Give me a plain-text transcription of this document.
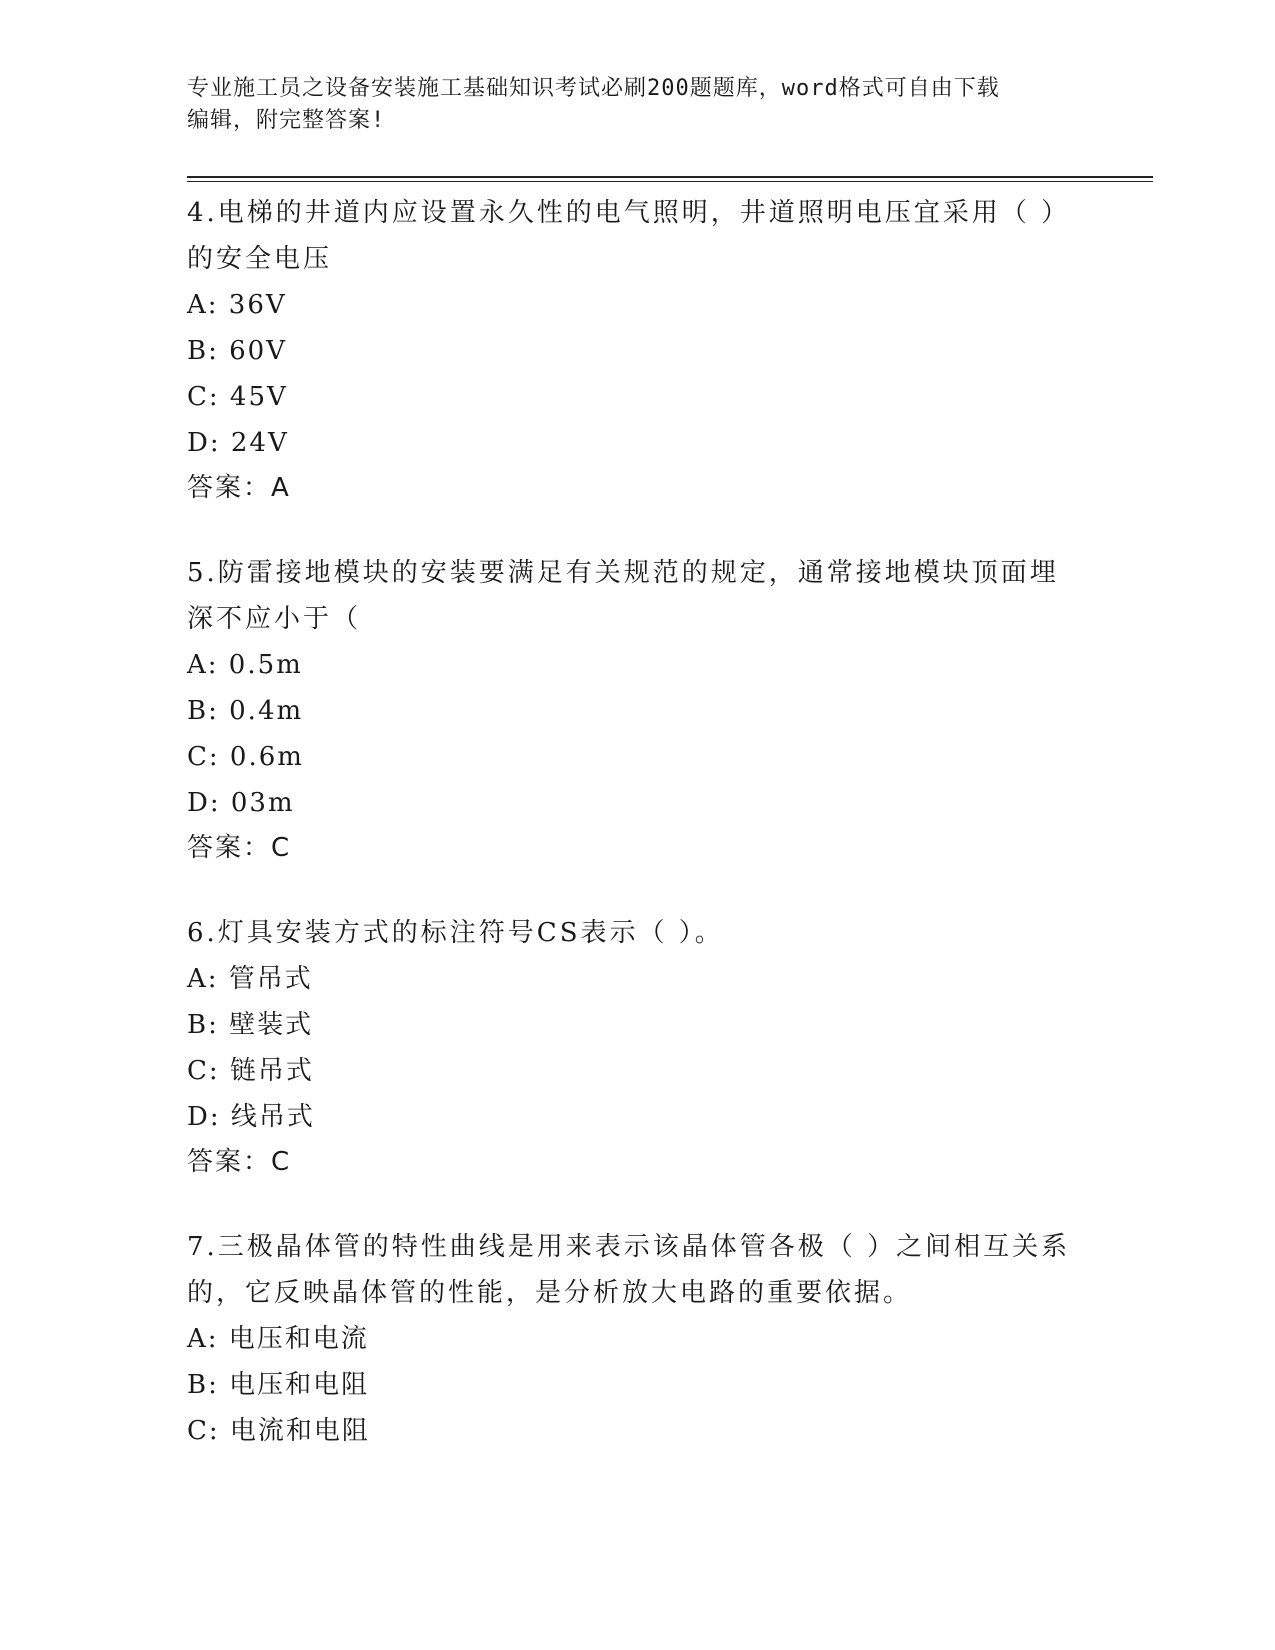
专业施工员之设备安装施工基础知识考试必刷200题题库，word格式可自由下载
编辑，附完整答案!

4.电梯的井道内应设置永久性的电气照明，井道照明电压宜采用（ ）

的安全电压

A: 36V

B: 60V

C: 45V

D: 24V

答案：A

5.防雷接地模块的安装要满足有关规范的规定，通常接地模块顶面埋

深不应小于（

A: 0.5m

B: 0.4m

C: 0.6m

D: 03m

答案：C

6.灯具安装方式的标注符号CS表示（ ）。

A: 管吊式

B: 壁装式

C: 链吊式

D: 线吊式

答案：C

7.三极晶体管的特性曲线是用来表示该晶体管各极（ ）之间相互关系

的，它反映晶体管的性能，是分析放大电路的重要依据。

A: 电压和电流

B: 电压和电阻

C: 电流和电阻
